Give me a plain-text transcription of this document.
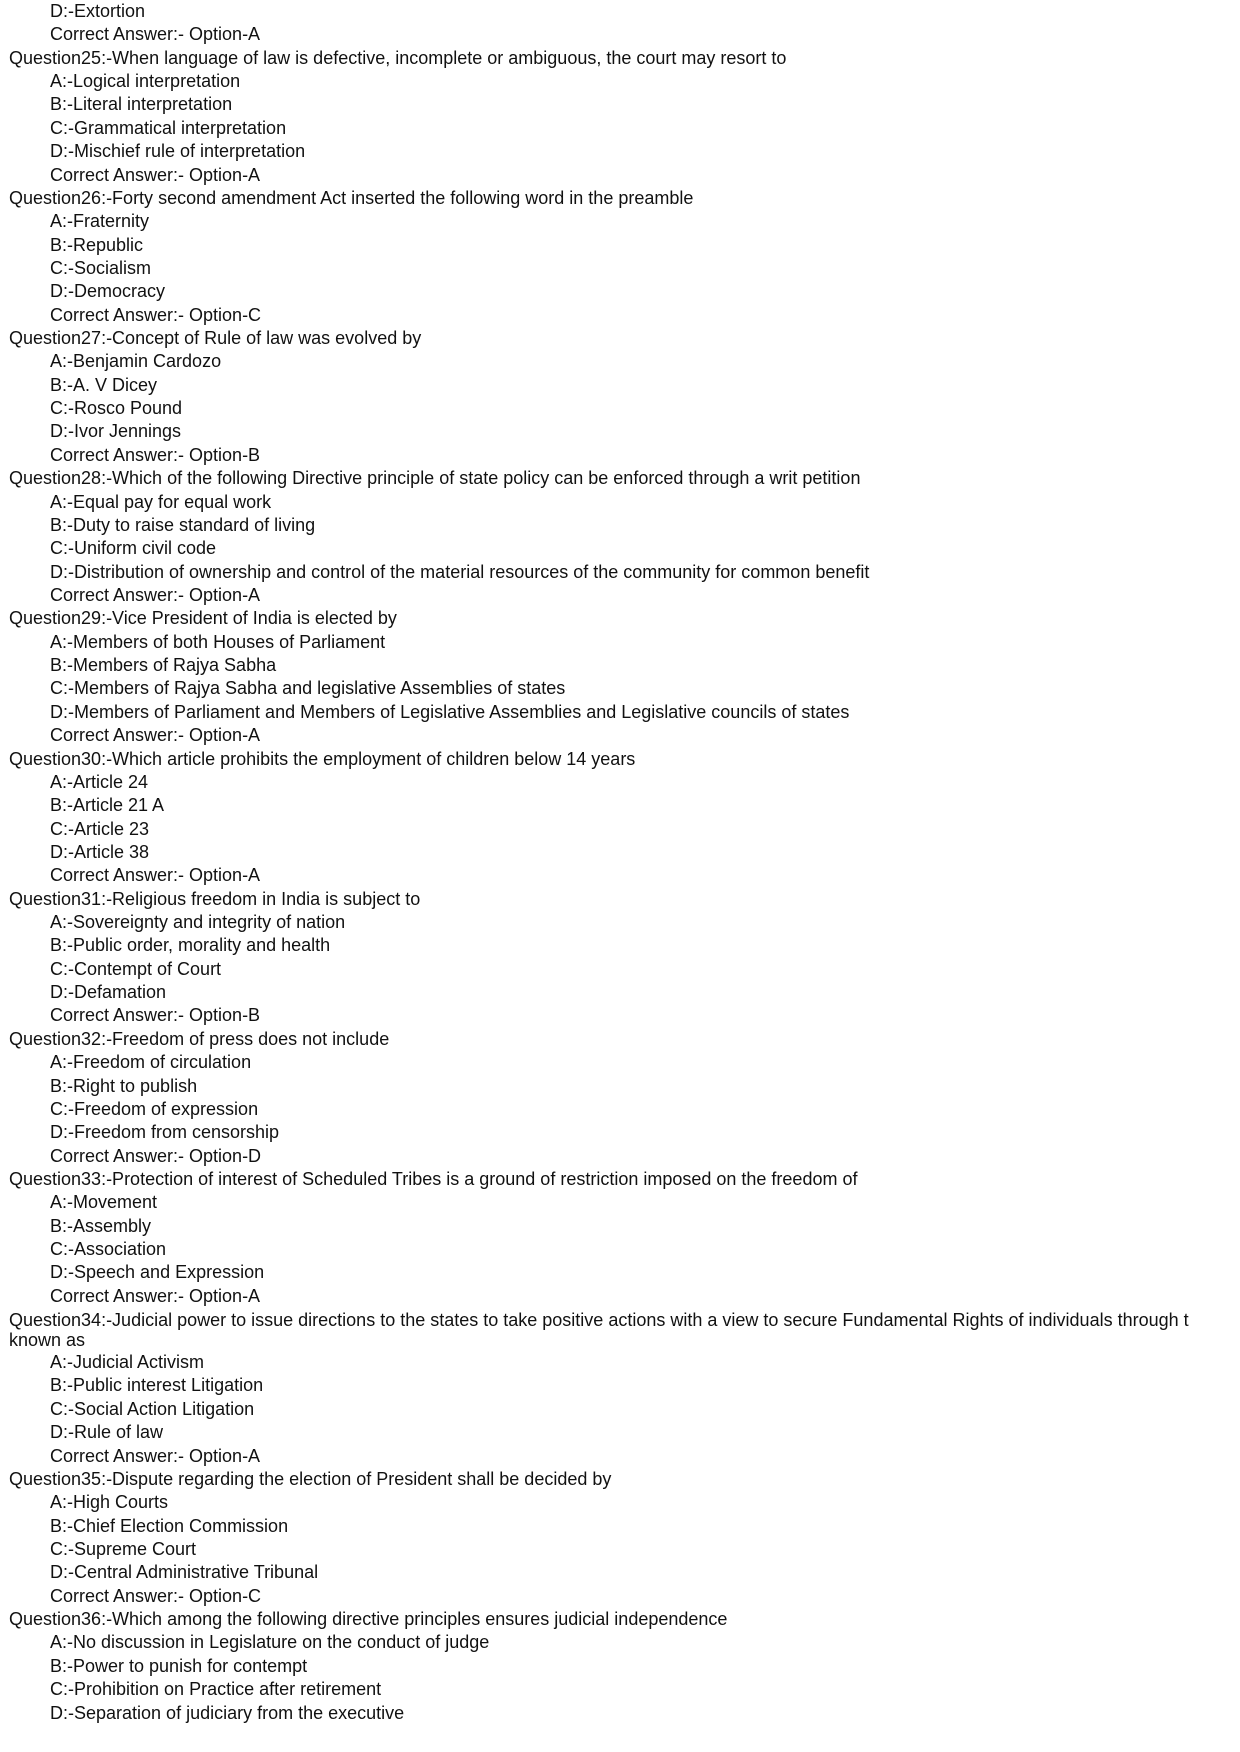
D:-Extortion
Correct Answer:- Option-A
Question25:-When language of law is defective, incomplete or ambiguous, the court may resort to
A:-Logical interpretation
B:-Literal interpretation
C:-Grammatical interpretation
D:-Mischief rule of interpretation
Correct Answer:- Option-A
Question26:-Forty second amendment Act inserted the following word in the preamble
A:-Fraternity
B:-Republic
C:-Socialism
D:-Democracy
Correct Answer:- Option-C
Question27:-Concept of Rule of law was evolved by
A:-Benjamin Cardozo
B:-A. V Dicey
C:-Rosco Pound
D:-Ivor Jennings
Correct Answer:- Option-B
Question28:-Which of the following Directive principle of state policy can be enforced through a writ petition
A:-Equal pay for equal work
B:-Duty to raise standard of living
C:-Uniform civil code
D:-Distribution of ownership and control of the material resources of the community for common benefit
Correct Answer:- Option-A
Question29:-Vice President of India is elected by
A:-Members of both Houses of Parliament
B:-Members of Rajya Sabha
C:-Members of Rajya Sabha and legislative Assemblies of states
D:-Members of Parliament and Members of Legislative Assemblies and Legislative councils of states
Correct Answer:- Option-A
Question30:-Which article prohibits the employment of children below 14 years
A:-Article 24
B:-Article 21 A
C:-Article 23
D:-Article 38
Correct Answer:- Option-A
Question31:-Religious freedom in India is subject to
A:-Sovereignty and integrity of nation
B:-Public order, morality and health
C:-Contempt of Court
D:-Defamation
Correct Answer:- Option-B
Question32:-Freedom of press does not include
A:-Freedom of circulation
B:-Right to publish
C:-Freedom of expression
D:-Freedom from censorship
Correct Answer:- Option-D
Question33:-Protection of interest of Scheduled Tribes is a ground of restriction imposed on the freedom of
A:-Movement
B:-Assembly
C:-Association
D:-Speech and Expression
Correct Answer:- Option-A
Question34:-Judicial power to issue directions to the states to take positive actions with a view to secure Fundamental Rights of individuals through t
known as
A:-Judicial Activism
B:-Public interest Litigation
C:-Social Action Litigation
D:-Rule of law
Correct Answer:- Option-A
Question35:-Dispute regarding the election of President shall be decided by
A:-High Courts
B:-Chief Election Commission
C:-Supreme Court
D:-Central Administrative Tribunal
Correct Answer:- Option-C
Question36:-Which among the following directive principles ensures judicial independence
A:-No discussion in Legislature on the conduct of judge
B:-Power to punish for contempt
C:-Prohibition on Practice after retirement
D:-Separation of judiciary from the executive
